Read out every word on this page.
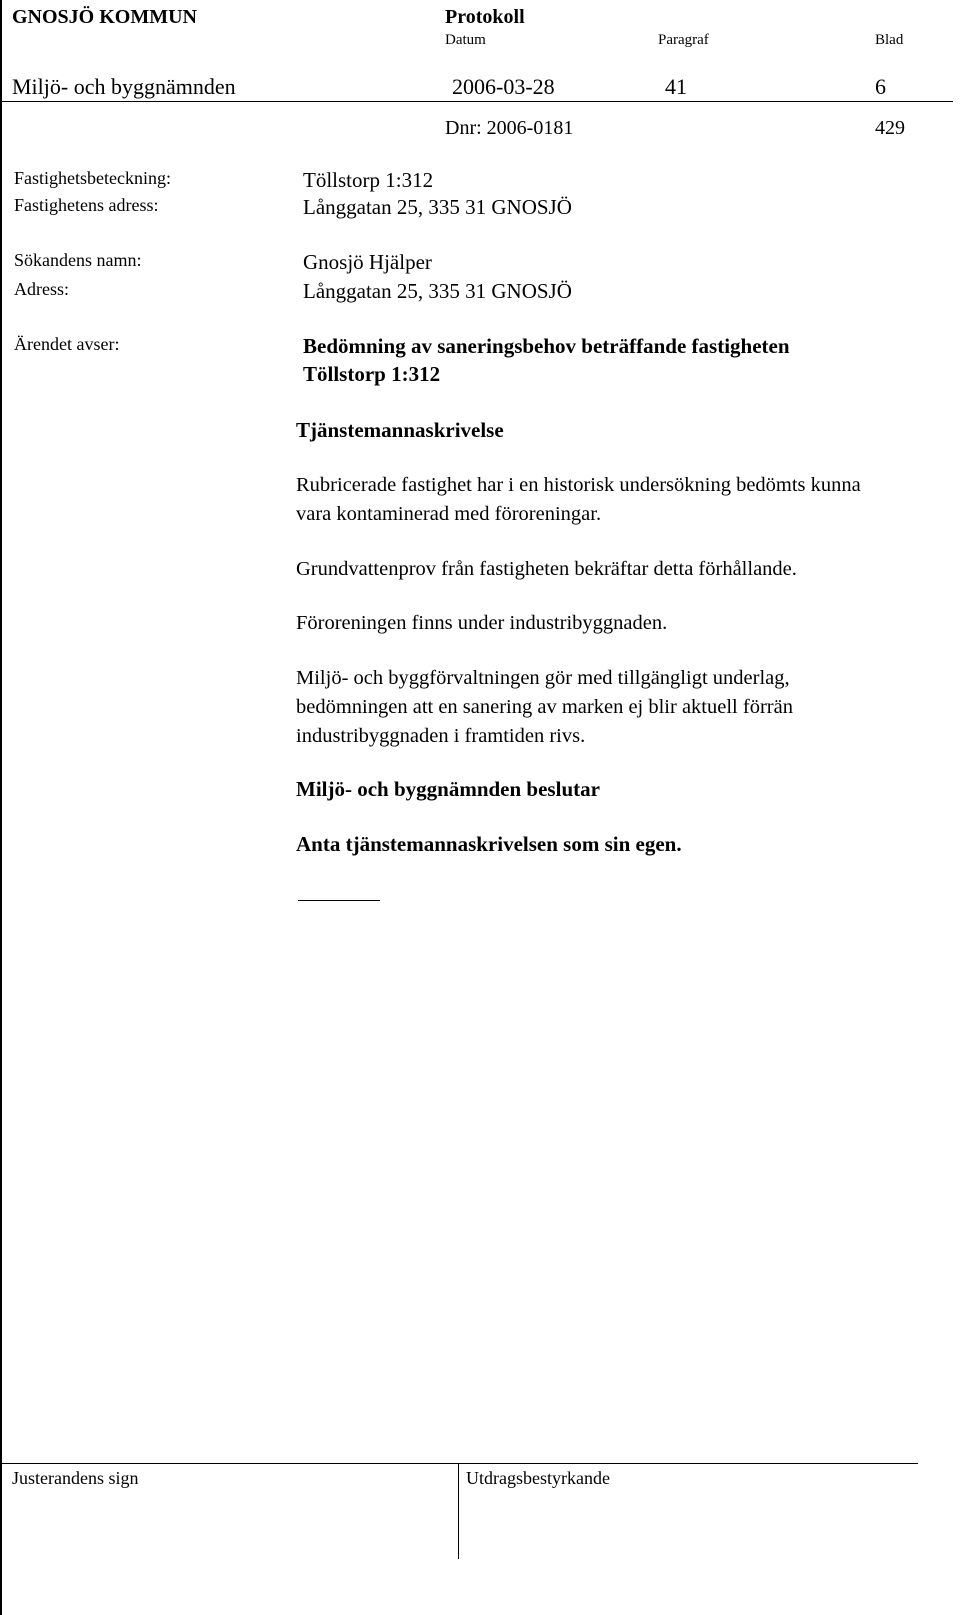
GNOSJÖ KOMMUN	Protokoll
Datum	Paragraf	Blad
Miljö- och byggnämnden	2006-03-28	41	6
Dnr: 2006-0181	429
Fastighetsbeteckning:	Töllstorp 1:312
Fastighetens adress:	Långgatan 25, 335 31 GNOSJÖ
Sökandens namn:	Gnosjö Hjälper
Adress:	Långgatan 25, 335 31 GNOSJÖ
Ärendet avser:	Bedömning av saneringsbehov beträffande fastigheten
Töllstorp 1:312
Tjänstemannaskrivelse
Rubricerade fastighet har i en historisk undersökning bedömts kunna
vara kontaminerad med föroreningar.
Grundvattenprov från fastigheten bekräftar detta förhållande.
Föroreningen finns under industribyggnaden.
Miljö- och byggförvaltningen gör med tillgängligt underlag,
bedömningen att en sanering av marken ej blir aktuell förrän
industribyggnaden i framtiden rivs.
Miljö- och byggnämnden beslutar
Anta tjänstemannaskrivelsen som sin egen.
Justerandens sign	Utdragsbestyrkande
